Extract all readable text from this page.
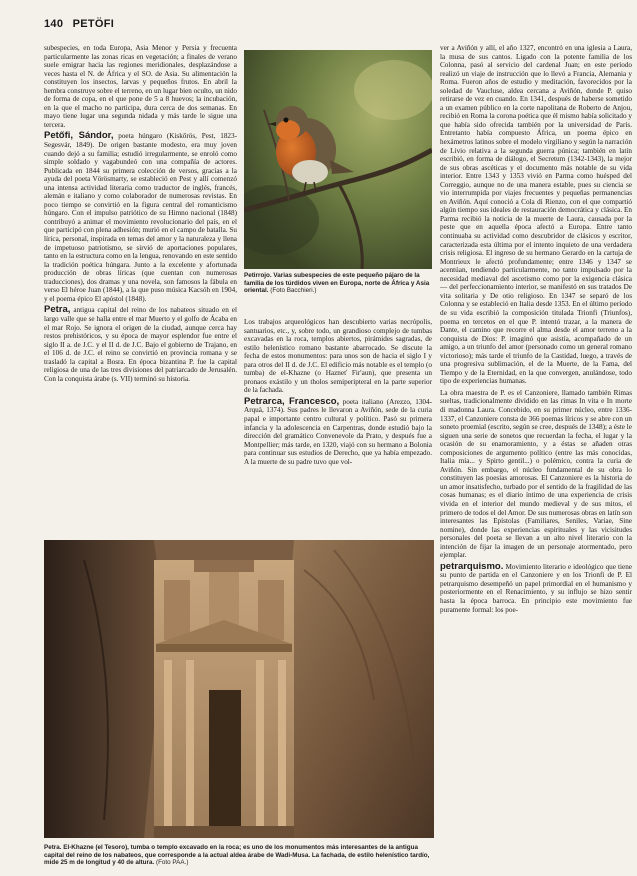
140 PETÖFI

subespecies, en toda Europa, Asia Menor y Persia y frecuenta particularmente las zonas ricas en vegetación; a finales de verano suele emigrar hacia las regiones meridionales, desplazándose a veces hasta el N. de África y el SO. de Asia. Su alimentación la constituyen los insectos, larvas y pequeños frutos. En abril la hembra construye sobre el terreno, en un lugar bien oculto, un nido de forma de copa, en el que pone de 5 a 8 huevos; la incubación, en la que el macho no participa, dura cerca de dos semanas. En mayo tiene lugar una segunda nidada y más tarde le sigue una tercera.

Petőfi, Sándor, poeta húngaro (Kiskőrös, Pest, 1823-Segesvár, 1849). De origen bastante modesto, era muy joven cuando dejó a su familia; estudió irregularmente, se enroló como simple soldado y vagabundeó con una compañía de actores. Publicada en 1844 su primera colección de versos, gracias a la ayuda del poeta Vörösmarty, se estableció en Pest y allí comenzó una intensa actividad literaria como traductor de inglés, francés, alemán e italiano y como colaborador de numerosas revistas. En poco tiempo se convirtió en la figura central del romanticismo húngaro. Con el impulso patriótico de su Himno nacional (1848) contribuyó a animar el movimiento revolucionario del país, en el que participó con plena adhesión; murió en el campo de batalla. Su lírica, personal, inspirada en temas del amor y la naturaleza y llena de impetuoso patriotismo, se sirvió de aportaciones populares, tanto en la estructura como en la lengua, renovando en este sentido la tradición poética húngara. Junto a la excelente y afortunada producción de obras líricas (que cuentan con numerosas traducciones), dos dramas y una novela, son famosos la fábula en verso El héroe Juan (1844), a la que puso música Kacsóh en 1904, y el poema épico El apóstol (1848).

Petra, antigua capital del reino de los nabateos situado en el largo valle que se halla entre el mar Muerto y el golfo de Ácaba en el mar Rojo. Se ignora el origen de la ciudad, aunque cerca hay restos prehistóricos, y su época de mayor esplendor fue entre el siglo II a. de J.C. y el II d. de J.C. Bajo el gobierno de Trajano, en el 106 d. de J.C. el reino se convirtió en provincia romana y se trasladó la capital a Bosra. En época bizantina P. fue la capital religiosa de una de las tres divisiones del patriarcado de Jerusalén. Con la conquista árabe (s. VII) terminó su historia.

Petirrojo. Varias subespecies de este pequeño pájaro de la familia de los túrdidos viven en Europa, norte de África y Asia oriental. (Foto Bacchieri.)

Los trabajos arqueológicos han descubierto varias necrópolis, santuarios, etc., y, sobre todo, un grandioso complejo de tumbas excavadas en la roca, templos abiertos, pirámides sagradas, de estilo helenístico romano bastante abarrocado. Se discute la fecha de estos monumentos: para unos son de hacia el siglo I y para otros del II d. de J.C. El edificio más notable es el templo (o tumba) de el-Khazne (o Hazneť Fir'aun), que presenta un pronaos exástilo y un tholos semiperipteral en la parte superior de la fachada.

Petrarca, Francesco, poeta italiano (Arezzo, 1304-Arquà, 1374). Sus padres le llevaron a Aviñón, sede de la curia papal e importante centro cultural y político. Pasó su primera infancia y la adolescencia en Carpentras, donde estudió bajo la dirección del gramático Convenevole da Prato, y después fue a Montpellier; más tarde, en 1320, viajó con su hermano a Bolonia para continuar sus estudios de Derecho, que ya había empezado. A la muerte de su padre tuvo que vol-

ver a Aviñón y allí, el año 1327, encontró en una iglesia a Laura, la musa de sus cantos. Ligado con la potente familia de los Colonna, pasó al servicio del cardenal Juan; en este período realizó un viaje de instrucción que lo llevó a Francia, Alemania y Roma. Fueron años de estudio y meditación, favorecidos por la soledad de Vaucluse, aldea cercana a Aviñón, donde P. quiso retirarse de vez en cuando. En 1341, después de haberse sometido a un examen público en la corte napolitana de Roberto de Anjou, recibió en Roma la corona poética que él mismo había solicitado y que había sido ofrecida también por la universidad de París. Entretanto había compuesto África, un poema épico en hexámetros latinos sobre el modelo virgiliano y según la narración de Livio relativa a la segunda guerra púnica; también en latín escribió, en forma de diálogo, el Secretum (1342-1343), la mejor de sus obras ascéticas y el documento más notable de su vida interior. Entre 1343 y 1353 vivió en Parma como huésped del Correggio, aunque no de una manera estable, pues su ciencia se vio interrumpida por viajes frecuentes y pequeñas permanencias en Aviñón. Aquí conoció a Cola di Rienzo, con el que compartió algún tiempo sus ideales de restauración democrática y clásica. En Parma recibió la noticia de la muerte de Laura, causada por la peste que en aquella época afectó a Europa. Entre tanto continuaba su actividad como descubridor de clásicos y escritor, caracterizada esta última por el intento inquieto de una verdadera crisis religiosa. El ingreso de su hermano Gerardo en la cartuja de Montrieux le afectó profundamente; entre 1346 y 1347 se acentúan, tendiendo particularmente, no tanto impulsado por la necesidad mediaval del ascetismo como por la exigencia clásica — del perfeccionamiento interior, se manifestó en sus tratados De vita solitaria y De otio religioso. En 1347 se separó de los Colonna y se estableció en Italia desde 1353. En el último período de su vida escribió la composición titulada Trionfi (Triunfos), poema en tercetos en el que P. intentó trazar, a la manera de Dante, el camino que recorre el alma desde el amor terreno a la conquista de Dios: P. imaginó que asistía, acompañado de un amigo, a un triunfo del amor (personado como un general romano victorioso); más tarde el triunfo de la Castidad, luego, a través de una progresiva sublimación, el de la Muerte, de la Fama, del Tiempo y de la Eternidad, en la que convergen, anulándose, todo tipo de experiencias humanas.

La obra maestra de P. es el Canzoniere, llamado también Rimas sueltas, tradicionalmente dividido en las rimas In vita e In morte di madonna Laura. Concebido, en su primer núcleo, entre 1336-1337, el Canzoniere consta de 366 poemas líricos y se abre con un soneto proemial (escrito, según se cree, después de 1348); a éste le siguen una serie de sonetos que recuerdan la fecha, el lugar y la ocasión de su enamoramiento, y a éstas se añaden otras composiciones de argumento político (entre las más conocidas, Italia mia... y Spirto gentil...) o polémico, contra la curia de Aviñón. Sin embargo, el núcleo fundamental de su obra lo constituyen las poesías amorosas. El Canzoniere es la historia de un amor insatisfecho, turbado por el sentido de la fragilidad de las cosas humanas; es el diario íntimo de una experiencia de crisis vivida en el interior del mundo medieval y de sus mitos, el primero de todos el del Amor. De sus numerosas obras en latín son interesantes las Epístolas (Familiares, Seniles, Variae, Sine nomine), donde las experiencias espirituales y las vicisitudes personales del poeta se llevan a un alto nivel literario con la intención de fijar la imagen de un personaje atormentado, pero ejemplar.

petrarquismo. Movimiento literario e ideológico que tiene su punto de partida en el Canzoniere y en los Trionfi de P. El petrarquismo desempeñó un papel primordial en el humanismo y posteriormente en el Renacimiento, y su influjo se hizo sentir hasta la época barroca. En principio este movimiento fue puramente formal: los poe-

Petra. El-Khazne (el Tesoro), tumba o templo excavado en la roca; es uno de los monumentos más interesantes de la antigua capital del reino de los nabateos, que corresponde a la actual aldea árabe de Wadi-Musa. La fachada, de estilo helenístico tardío, mide 25 m de longitud y 40 de altura. (Foto PAA.)
